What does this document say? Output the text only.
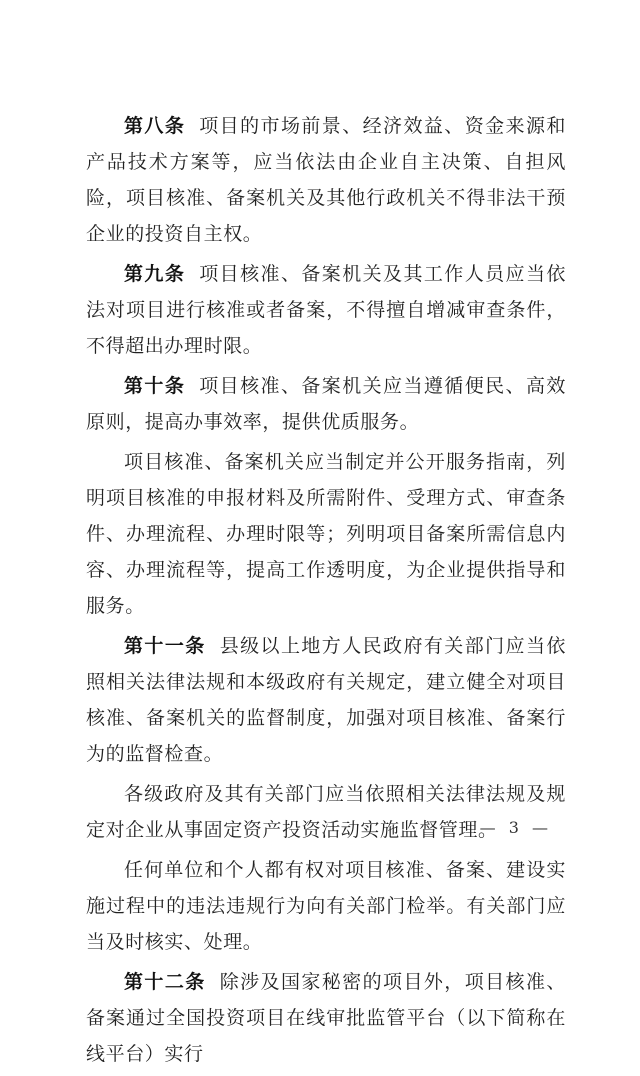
第八条 项目的市场前景、经济效益、资金来源和产品技术方案等，应当依法由企业自主决策、自担风险，项目核准、备案机关及其他行政机关不得非法干预企业的投资自主权。

第九条 项目核准、备案机关及其工作人员应当依法对项目进行核准或者备案，不得擅自增减审查条件，不得超出办理时限。

第十条 项目核准、备案机关应当遵循便民、高效原则，提高办事效率，提供优质服务。

项目核准、备案机关应当制定并公开服务指南，列明项目核准的申报材料及所需附件、受理方式、审查条件、办理流程、办理时限等；列明项目备案所需信息内容、办理流程等，提高工作透明度，为企业提供指导和服务。

第十一条 县级以上地方人民政府有关部门应当依照相关法律法规和本级政府有关规定，建立健全对项目核准、备案机关的监督制度，加强对项目核准、备案行为的监督检查。

各级政府及其有关部门应当依照相关法律法规及规定对企业从事固定资产投资活动实施监督管理。

任何单位和个人都有权对项目核准、备案、建设实施过程中的违法违规行为向有关部门检举。有关部门应当及时核实、处理。

第十二条 除涉及国家秘密的项目外，项目核准、备案通过全国投资项目在线审批监管平台（以下简称在线平台）实行

— 3 —
